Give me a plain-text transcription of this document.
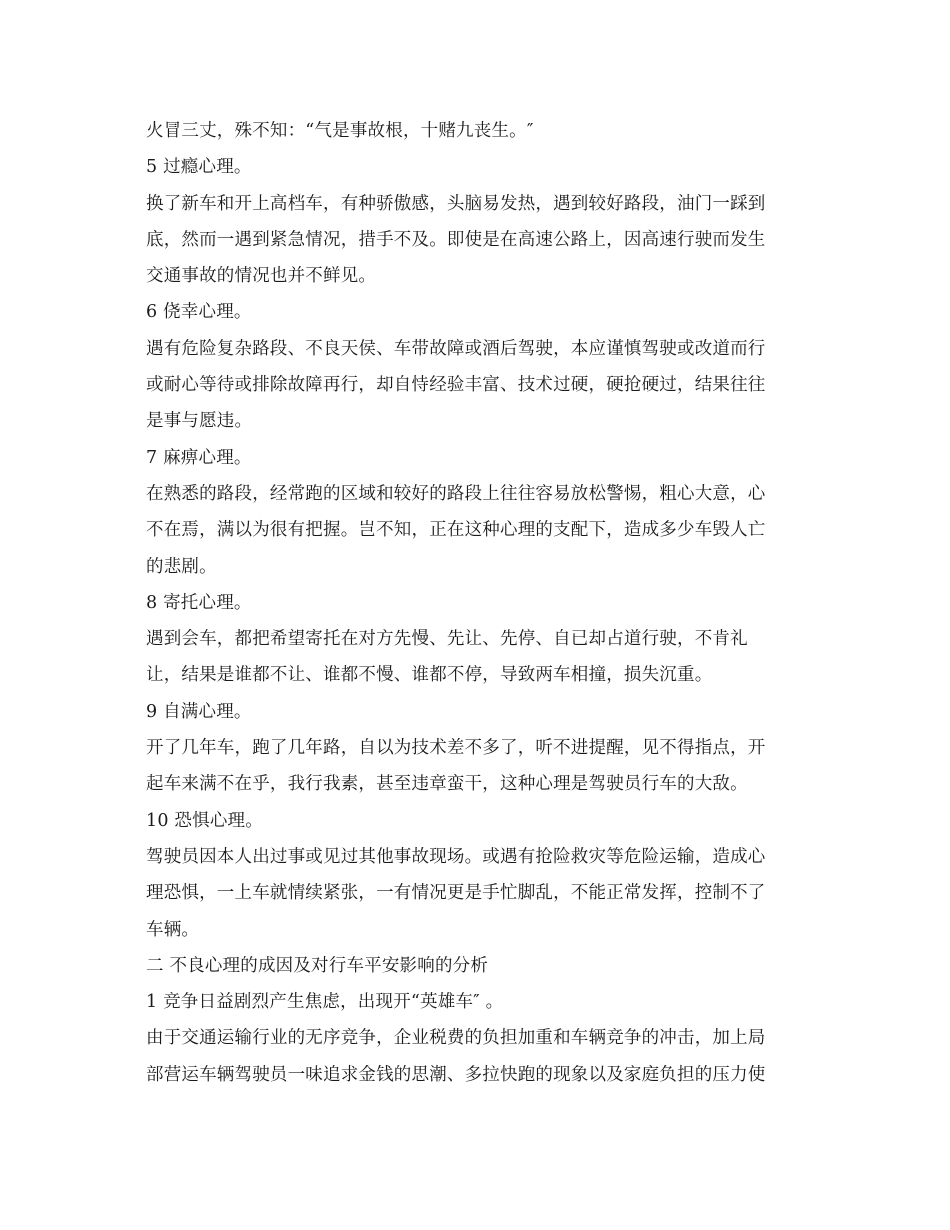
火冒三丈，殊不知：“气是事故根，十赌九丧生。″
5 过瘾心理。
换了新车和开上高档车，有种骄傲感，头脑易发热，遇到较好路段，油门一踩到
底，然而一遇到紧急情况，措手不及。即使是在高速公路上，因高速行驶而发生
交通事故的情况也并不鲜见。
6 侥幸心理。
遇有危险复杂路段、不良天侯、车带故障或酒后驾驶，本应谨慎驾驶或改道而行
或耐心等待或排除故障再行，却自恃经验丰富、技术过硬，硬抢硬过，结果往往
是事与愿违。
7 麻痹心理。
在熟悉的路段，经常跑的区域和较好的路段上往往容易放松警惕，粗心大意，心
不在焉，满以为很有把握。岂不知，正在这种心理的支配下，造成多少车毁人亡
的悲剧。
8 寄托心理。
遇到会车，都把希望寄托在对方先慢、先让、先停、自已却占道行驶，不肯礼
让，结果是谁都不让、谁都不慢、谁都不停，导致两车相撞，损失沉重。
9 自满心理。
开了几年车，跑了几年路，自以为技术差不多了，听不进提醒，见不得指点，开
起车来满不在乎，我行我素，甚至违章蛮干，这种心理是驾驶员行车的大敌。
10 恐惧心理。
驾驶员因本人出过事或见过其他事故现场。或遇有抢险救灾等危险运输，造成心
理恐惧，一上车就情续紧张，一有情况更是手忙脚乱，不能正常发挥，控制不了
车辆。
二 不良心理的成因及对行车平安影响的分析
1 竞争日益剧烈产生焦虑，出现开“英雄车″ 。
由于交通运输行业的无序竞争，企业税费的负担加重和车辆竞争的冲击，加上局
部营运车辆驾驶员一味追求金钱的思潮、多拉快跑的现象以及家庭负担的压力使
